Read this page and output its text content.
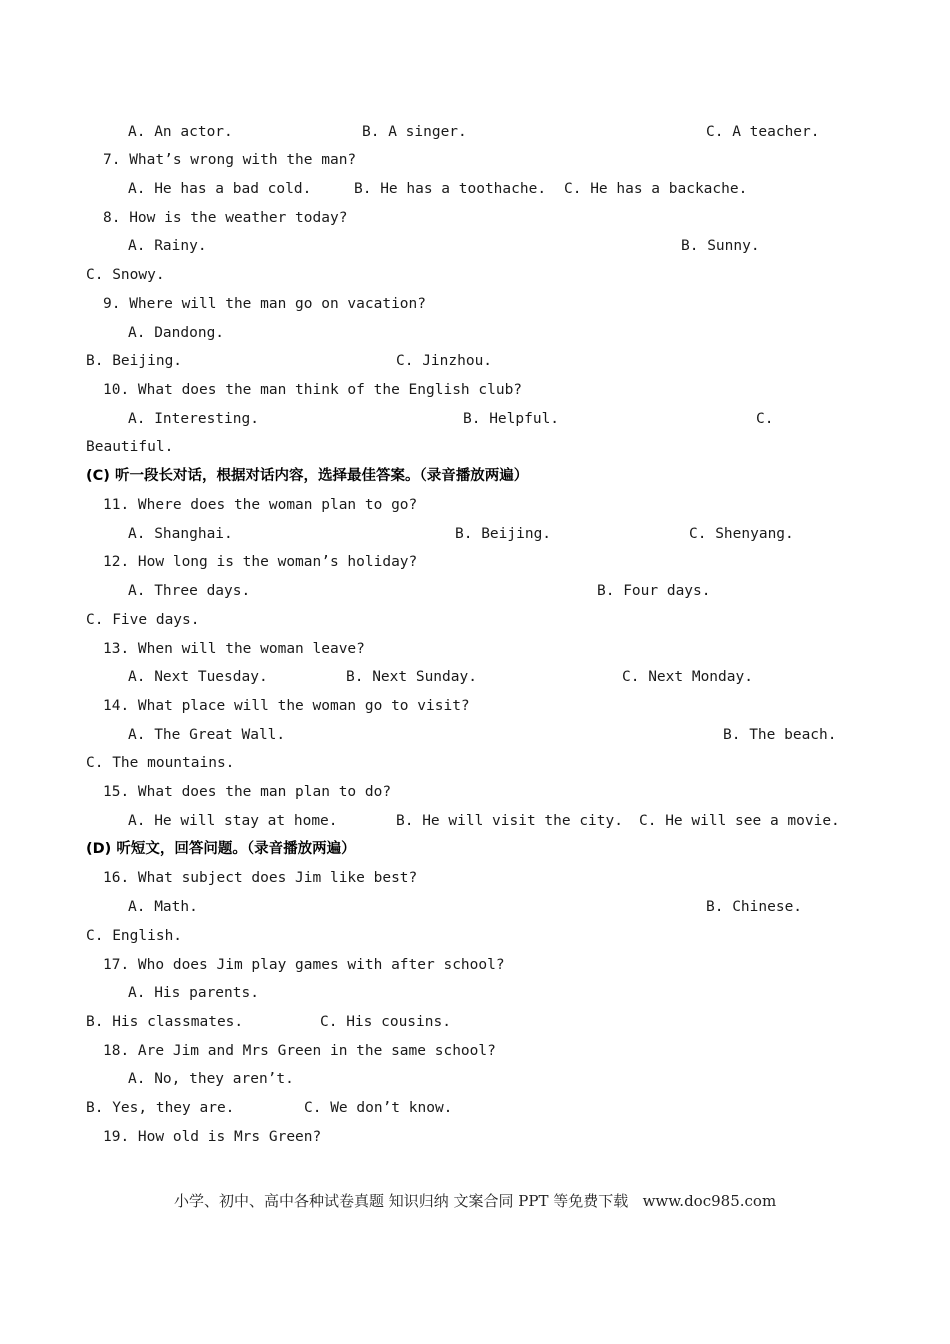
A. An actor.	B. A singer.	C. A teacher.
7. What’s wrong with the man?
A. He has a bad cold.	B. He has a toothache. C. He has a backache.
8. How is the weather today?
A. Rainy.	B. Sunny.
C. Snowy.
9. Where will the man go on vacation?
A. Dandong.
B. Beijing.	C. Jinzhou.
10. What does the man think of the English club?
A. Interesting.	B. Helpful.	C.
Beautiful.
(C) 听一段长对话，根据对话内容，选择最佳答案。（录音播放两遍）
11. Where does the woman plan to go?
A. Shanghai.	B. Beijing.	C. Shenyang.
12. How long is the woman’s holiday?
A. Three days.	B. Four days.
C. Five days.
13. When will the woman leave?
A. Next Tuesday.	B. Next Sunday.	C. Next Monday.
14. What place will the woman go to visit?
A. The Great Wall.	B. The beach.
C. The mountains.
15. What does the man plan to do?
A. He will stay at home.	B. He will visit the city. C. He will see a movie.
(D) 听短文，回答问题。（录音播放两遍）
16. What subject does Jim like best?
A. Math.	B. Chinese.
C. English.
17. Who does Jim play games with after school?
A. His parents.
B. His classmates.	C. His cousins.
18. Are Jim and Mrs Green in the same school?
A. No, they aren’t.
B. Yes, they are.	C. We don’t know.
19. How old is Mrs Green?
小学、初中、高中各种试卷真题 知识归纳 文案合同 PPT 等免费下载   www.doc985.com
